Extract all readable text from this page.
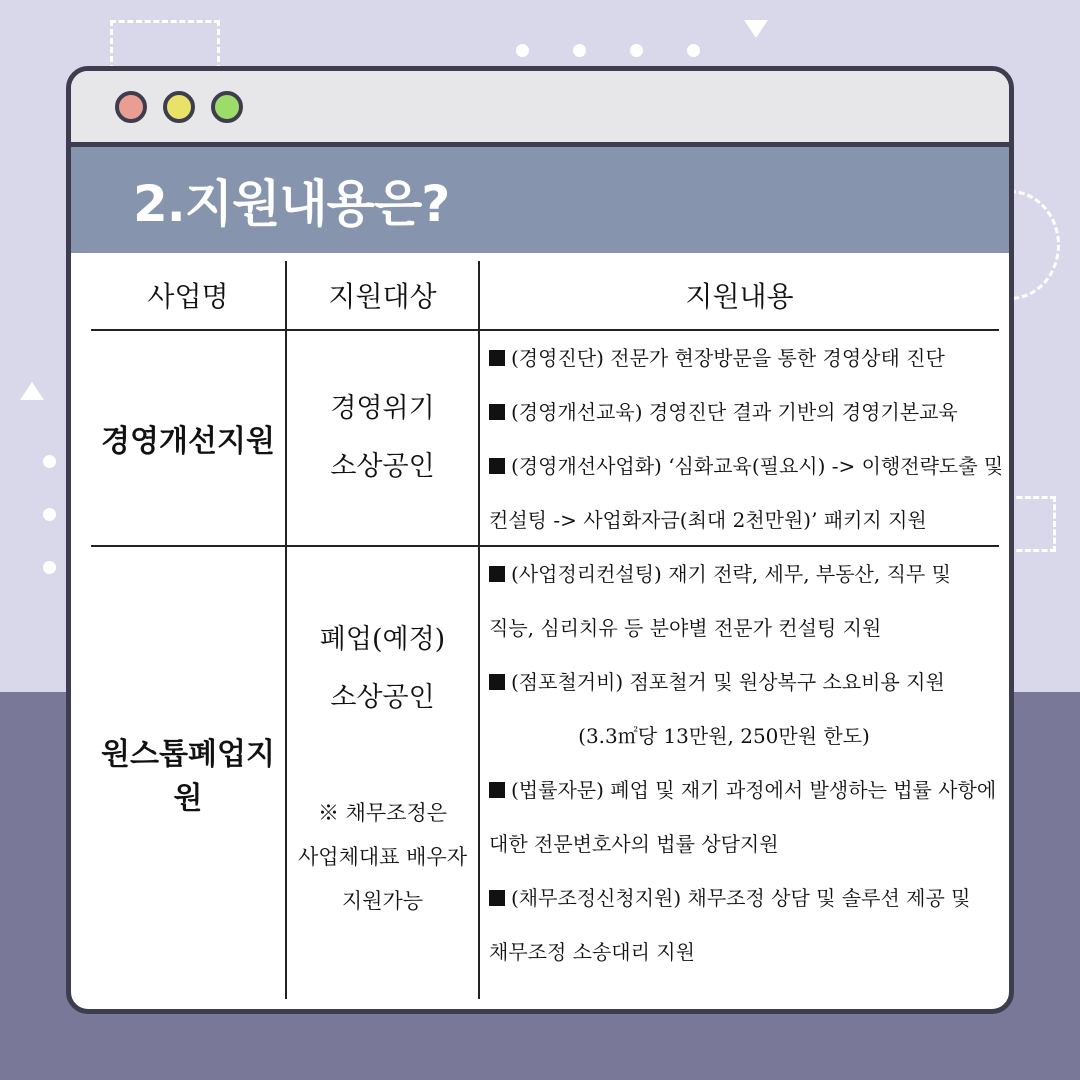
2.지원내용은?
사업명	지원대상	지원내용
경영개선지원
경영위기
소상공인
(경영진단) 전문가 현장방문을 통한 경영상태 진단
(경영개선교육) 경영진단 결과 기반의 경영기본교육
(경영개선사업화) ‘심화교육(필요시) -> 이행전략도출 및
컨설팅 -> 사업화자금(최대 2천만원)’ 패키지 지원
원스톱폐업지원
폐업(예정)
소상공인
※ 채무조정은
사업체대표 배우자
지원가능
(사업정리컨설팅) 재기 전략, 세무, 부동산, 직무 및
직능, 심리치유 등 분야별 전문가 컨설팅 지원
(점포철거비) 점포철거 및 원상복구 소요비용 지원
(3.3㎡당 13만원, 250만원 한도)
(법률자문) 폐업 및 재기 과정에서 발생하는 법률 사항에
대한 전문변호사의 법률 상담지원
(채무조정신청지원) 채무조정 상담 및 솔루션 제공 및
채무조정 소송대리 지원
